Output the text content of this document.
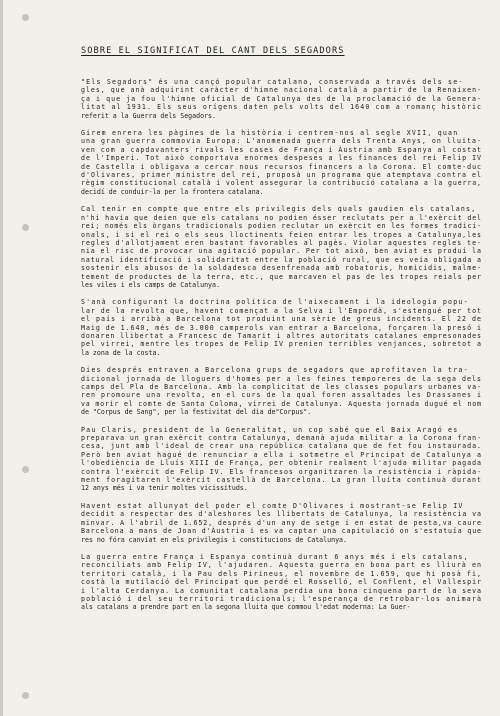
SOBRE EL SIGNIFICAT DEL CANT DELS SEGADORS
"Els Segadors" és una cançó popular catalana, conservada a través dels se-
gles, que anà adquirint caràcter d'himne nacional català a partir de la Renaixen-
ça i que ja fou l'himne oficial de Catalunya des de la proclamació de la Genera-
litat al 1931. Els seus orígens daten pels volts del 1640 com a romanç històric
referit a la Guerra dels Segadors.
Girem enrera les pàgines de la història i centrem-nos al segle XVII, quan
una gran guerra commovia Europa: L'anomenada guerra dels Trenta Anys, on lluita-
ven com a capdavanters rivals les cases de França i Àustria amb Espanya al costat
de l'Imperi. Tot això comportava enormes despeses a les finances del rei Felip IV
de Castella i obligava a cercar nous recursos financers a la Corona. El comte-duc
d'Olivares, primer ministre del rei, proposà un programa que atemptava contra el
règim constitucional català i volent assegurar la contribució catalana a la guerra,
decidí de conduir-la per la frontera catalana.
Cal tenir en compte que entre els privilegis dels quals gaudien els catalans,
n'hi havia que deien que els catalans no podien ésser reclutats per a l'exèrcit del
rei; només els òrgans tradicionals podien reclutar un exèrcit en les formes tradici-
onals, i si el rei o els seus lloctinents feien entrar les tropes a Catalunya,les
regles d'allotjament eren bastant favorables al pagès. Violar aquestes regles te-
nia el risc de provocar una agitació popular. Per tot això, ben aviat es produí la
natural identificació i solidaritat entre la població rural, que es veia obligada a
sostenir els abusos de la soldadesca desenfrenada amb robatoris, homicidis, malme-
tement de productes de la terra, etc., que marcaven el pas de les tropes reials per
les viles i els camps de Catalunya.
S'anà configurant la doctrina política de l'aixecament i la ideologia popu-
lar de la revolta que, havent començat a la Selva i l'Empordà, s'estengué per tot
el país i arribà a Barcelona tot produint una sèrie de greus incidents. El 22 de
Maig de 1.640, més de 3.000 camperols van entrar a Barcelona, forçaren la presó i
donaren llibertat a Francesc de Tamarit i altres autoritats catalanes empresonades
pel virrei, mentre les tropes de Felip IV prenien terribles venjances, sobretot a
la zona de la costa.
Dies després entraven a Barcelona grups de segadors que aprofitaven la tra-
dicional jornada de lloguers d'homes per a les feines temporeres de la sega dels
camps del Pla de Barcelona. Amb la complicitat de les classes populars urbanes va-
ren promoure una revolta, en el curs de la qual foren assaltades les Drassanes i
va morir el comte de Santa Coloma, virrei de Catalunya. Aquesta jornada dugué el nom
de "Corpus de Sang", per la festivitat del dia de"Corpus".
Pau Claris, president de la Generalitat, un cop sabé que el Baix Aragó es
preparava un gran exèrcit contra Catalunya, demanà ajuda militar a la Corona fran-
cesa, junt amb l'ideal de crear una república catalana que de fet fou instaurada.
Però ben aviat hagué de renunciar a ella i sotmetre el Principat de Catalunya a
l'obediència de Lluís XIII de França, per obtenir realment l'ajuda militar pagada
contra l'exèrcit de Felip IV. Els francesos organitzaren la resistència i ràpida-
ment foragitaren l'exèrcit castellà de Barcelona. La gran lluita continuà durant
12 anys més i va tenir moltes vicissituds.
Havent estat allunyat del poder el comte D'Olivares i mostrant-se Felip IV
decidit a respectar des d'aleshores les llibertats de Catalunya, la resistència va
minvar. A l'abril de 1.652, després d'un any de setge i en estat de pesta,va caure
Barcelona a mans de Joan d'Àustria i es va captar una capitulació on s'estatuïa que
res no fóra canviat en els privilegis i constitucions de Catalunya.
La guerra entre França i Espanya continuà durant 6 anys més i els catalans,
reconciliats amb Felip IV, l'ajudaren. Aquesta guerra en bona part es lliurà en
territori català, i la Pau dels Pirineus, el novembre de 1.659, que hi posà fi,
costà la mutilació del Principat que perdé el Rosselló, el Conflent, el Vallespir
i l'alta Cerdanya. La comunitat catalana perdia una bona cinquena part de la seva
població i del seu territori tradicionals; l'esperança de retrobar-los animarà
als catalans a prendre part en la segona lluita que commou l'edat moderna: La Guer-
